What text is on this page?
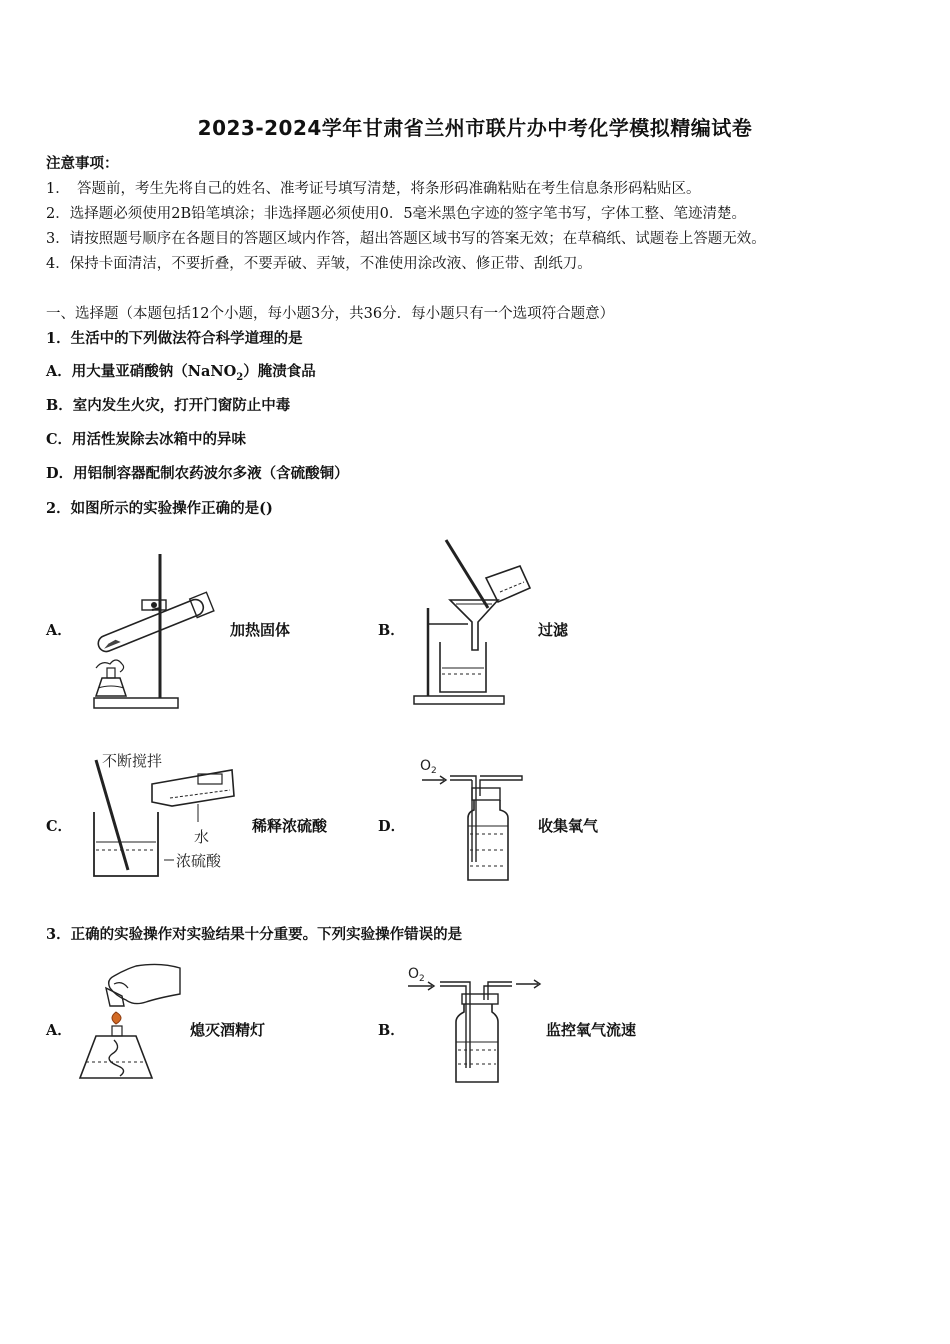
2023-2024学年甘肃省兰州市联片办中考化学模拟精编试卷
注意事项：
1．　答题前，考生先将自己的姓名、准考证号填写清楚，将条形码准确粘贴在考生信息条形码粘贴区。
2．选择题必须使用2B铅笔填涂；非选择题必须使用0．5毫米黑色字迹的签字笔书写，字体工整、笔迹清楚。
3．请按照题号顺序在各题目的答题区域内作答，超出答题区域书写的答案无效；在草稿纸、试题卷上答题无效。
4．保持卡面清洁，不要折叠，不要弄破、弄皱，不准使用涂改液、修正带、刮纸刀。
一、选择题（本题包括12个小题，每小题3分，共36分．每小题只有一个选项符合题意）
1．生活中的下列做法符合科学道理的是
A．用大量亚硝酸钠（NaNO$_2$）腌渍食品
B．室内发生火灾，打开门窗防止中毒
C．用活性炭除去冰箱中的异味
D．用铝制容器配制农药波尔多液（含硫酸铜）
2．如图所示的实验操作正确的是()
A．	加热固体	B．	过滤
C．
不断搅拌
水
浓硫酸
稀释浓硫酸	D．
$O_2$
收集氧气
3．正确的实验操作对实验结果十分重要。下列实验操作错误的是
A．	熄灭酒精灯	B．
$O_2$
监控氧气流速
